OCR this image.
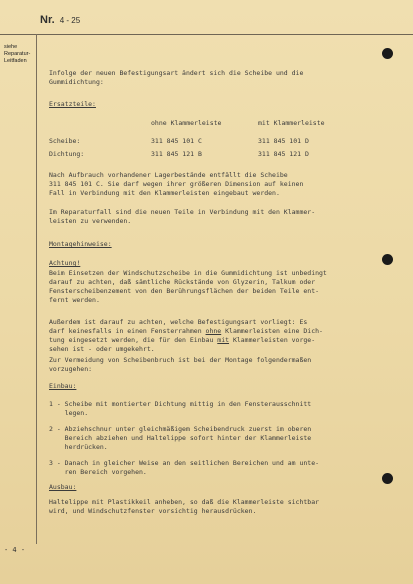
Nr. 4 - 25
siehe
Reparatur-
Leitfaden
Infolge der neuen Befestigungsart ändert sich die Scheibe und die
Gummidichtung:
Ersatzteile:
ohne Klammerleiste	mit Klammerleiste
Scheibe:	311 845 101 C	311 845 101 D
Dichtung:	311 845 121 B	311 845 121 D
Nach Aufbrauch vorhandener Lagerbestände entfällt die Scheibe
311 845 101 C. Sie darf wegen ihrer größeren Dimension auf keinen
Fall in Verbindung mit den Klammerleisten eingebaut werden.
Im Reparaturfall sind die neuen Teile in Verbindung mit den Klammer-
leisten zu verwenden.
Montagehinweise:
Achtung!
Beim Einsetzen der Windschutzscheibe in die Gummidichtung ist unbedingt
darauf zu achten, daß sämtliche Rückstände von Glyzerin, Talkum oder
Fensterscheibenzement von den Berührungsflächen der beiden Teile ent-
fernt werden.
Außerdem ist darauf zu achten, welche Befestigungsart vorliegt: Es
darf keinesfalls in einen Fensterrahmen ohne Klammerleisten eine Dich-
tung eingesetzt werden, die für den Einbau mit Klammerleisten vorge-
sehen ist - oder umgekehrt.
Zur Vermeidung von Scheibenbruch ist bei der Montage folgendermaßen
vorzugehen:
Einbau:
1 - Scheibe mit montierter Dichtung mittig in den Fensterausschnitt
legen.
2 - Abziehschnur unter gleichmäßigem Scheibendruck zuerst im oberen
Bereich abziehen und Haltelippe sofort hinter der Klammerleiste
herdrücken.
3 - Danach in gleicher Weise an den seitlichen Bereichen und am unte-
ren Bereich vorgehen.
Ausbau:
Haltelippe mit Plastikkeil anheben, so daß die Klammerleiste sichtbar
wird, und Windschutzfenster vorsichtig herausdrücken.
- 4 -
